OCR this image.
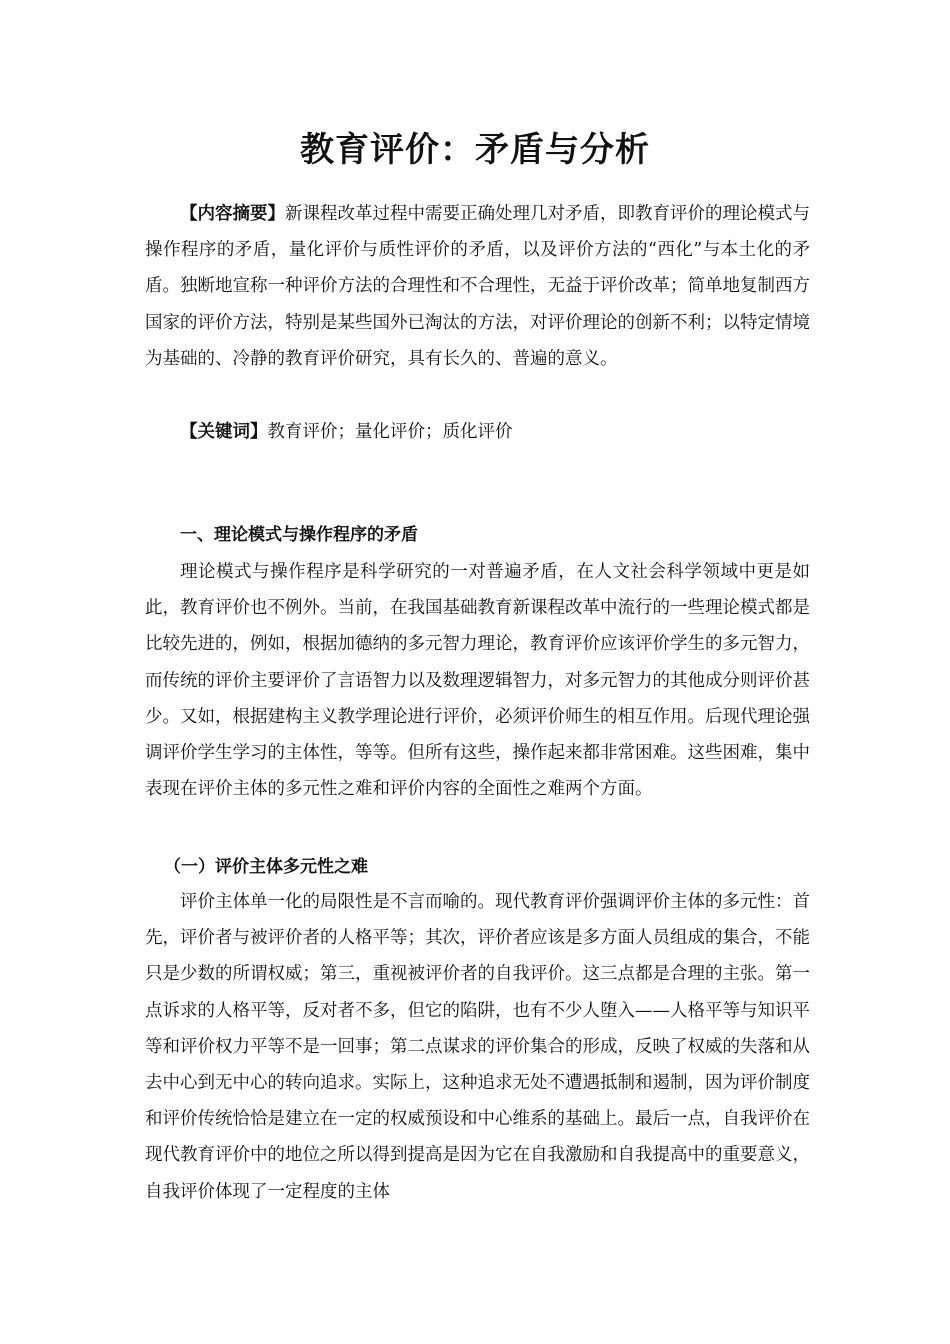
教育评价：矛盾与分析

【内容摘要】新课程改革过程中需要正确处理几对矛盾，即教育评价的理论模式与操作程序的矛盾，量化评价与质性评价的矛盾，以及评价方法的“西化”与本土化的矛盾。独断地宣称一种评价方法的合理性和不合理性，无益于评价改革；简单地复制西方国家的评价方法，特别是某些国外已淘汰的方法，对评价理论的创新不利；以特定情境为基础的、冷静的教育评价研究，具有长久的、普遍的意义。

【关键词】教育评价；量化评价；质化评价

一、理论模式与操作程序的矛盾

理论模式与操作程序是科学研究的一对普遍矛盾，在人文社会科学领域中更是如此，教育评价也不例外。当前，在我国基础教育新课程改革中流行的一些理论模式都是比较先进的，例如，根据加德纳的多元智力理论，教育评价应该评价学生的多元智力，而传统的评价主要评价了言语智力以及数理逻辑智力，对多元智力的其他成分则评价甚少。又如，根据建构主义教学理论进行评价，必须评价师生的相互作用。后现代理论强调评价学生学习的主体性，等等。但所有这些，操作起来都非常困难。这些困难，集中表现在评价主体的多元性之难和评价内容的全面性之难两个方面。

（一）评价主体多元性之难

评价主体单一化的局限性是不言而喻的。现代教育评价强调评价主体的多元性：首先，评价者与被评价者的人格平等；其次，评价者应该是多方面人员组成的集合，不能只是少数的所谓权威；第三，重视被评价者的自我评价。这三点都是合理的主张。第一点诉求的人格平等，反对者不多，但它的陷阱，也有不少人堕入——人格平等与知识平等和评价权力平等不是一回事；第二点谋求的评价集合的形成，反映了权威的失落和从去中心到无中心的转向追求。实际上，这种追求无处不遭遇抵制和遏制，因为评价制度和评价传统恰恰是建立在一定的权威预设和中心维系的基础上。最后一点，自我评价在现代教育评价中的地位之所以得到提高是因为它在自我激励和自我提高中的重要意义，自我评价体现了一定程度的主体
